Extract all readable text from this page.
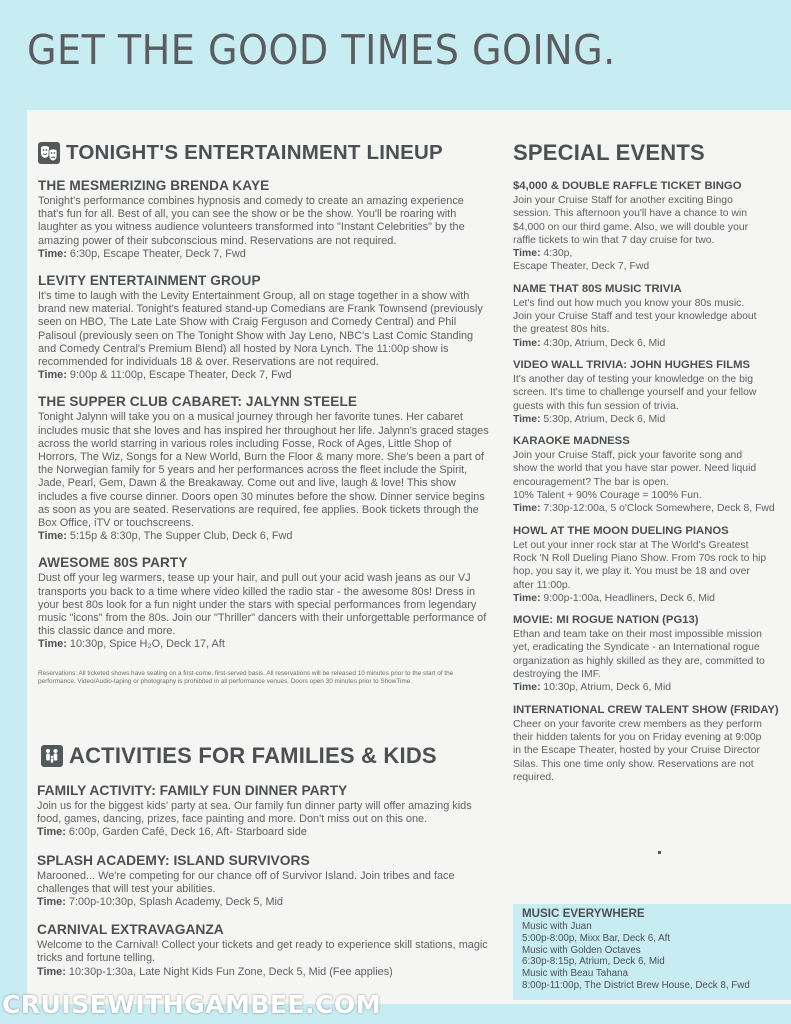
GET THE GOOD TIMES GOING.
TONIGHT'S ENTERTAINMENT LINEUP
THE MESMERIZING BRENDA KAYE
Tonight's performance combines hypnosis and comedy to create an amazing experience that's fun for all. Best of all, you can see the show or be the show. You'll be roaring with laughter as you witness audience volunteers transformed into "Instant Celebrities" by the amazing power of their subconscious mind. Reservations are not required.
Time: 6:30p, Escape Theater, Deck 7, Fwd
LEVITY ENTERTAINMENT GROUP
It's time to laugh with the Levity Entertainment Group, all on stage together in a show with brand new material. Tonight's featured stand-up Comedians are Frank Townsend (previously seen on HBO, The Late Late Show with Craig Ferguson and Comedy Central) and Phil Palisoul (previously seen on The Tonight Show with Jay Leno, NBC's Last Comic Standing and Comedy Central's Premium Blend) all hosted by Nora Lynch. The 11:00p show is recommended for individuals 18 & over. Reservations are not required.
Time: 9:00p & 11:00p, Escape Theater, Deck 7, Fwd
THE SUPPER CLUB CABARET: JALYNN STEELE
Tonight Jalynn will take you on a musical journey through her favorite tunes. Her cabaret includes music that she loves and has inspired her throughout her life. Jalynn's graced stages across the world starring in various roles including Fosse, Rock of Ages, Little Shop of Horrors, The Wiz, Songs for a New World, Burn the Floor & many more. She's been a part of the Norwegian family for 5 years and her performances across the fleet include the Spirit, Jade, Pearl, Gem, Dawn & the Breakaway. Come out and live, laugh & love! This show includes a five course dinner. Doors open 30 minutes before the show. Dinner service begins as soon as you are seated. Reservations are required, fee applies. Book tickets through the Box Office, iTV or touchscreens.
Time: 5:15p & 8:30p, The Supper Club, Deck 6, Fwd
AWESOME 80S PARTY
Dust off your leg warmers, tease up your hair, and pull out your acid wash jeans as our VJ transports you back to a time where video killed the radio star - the awesome 80s! Dress in your best 80s look for a fun night under the stars with special performances from legendary music "icons" from the 80s. Join our "Thriller" dancers with their unforgettable performance of this classic dance and more.
Time: 10:30p, Spice H₂O, Deck 17, Aft
Reservations: All ticketed shows have seating on a first-come, first-served basis. All reservations will be released 10 minutes prior to the start of the performance. Video/Audio-taping or photography is prohibited in all performance venues. Doors open 30 minutes prior to ShowTime.
ACTIVITIES FOR FAMILIES & KIDS
FAMILY ACTIVITY: FAMILY FUN DINNER PARTY
Join us for the biggest kids' party at sea. Our family fun dinner party will offer amazing kids food, games, dancing, prizes, face painting and more. Don't miss out on this one.
Time: 6:00p, Garden Café, Deck 16, Aft- Starboard side
SPLASH ACADEMY: ISLAND SURVIVORS
Marooned... We're competing for our chance off of Survivor Island. Join tribes and face challenges that will test your abilities.
Time: 7:00p-10:30p, Splash Academy, Deck 5, Mid
CARNIVAL EXTRAVAGANZA
Welcome to the Carnival! Collect your tickets and get ready to experience skill stations, magic tricks and fortune telling.
Time: 10:30p-1:30a, Late Night Kids Fun Zone, Deck 5, Mid (Fee applies)
SPECIAL EVENTS
$4,000 & DOUBLE RAFFLE TICKET BINGO
Join your Cruise Staff for another exciting Bingo
session. This afternoon you'll have a chance to win
$4,000 on our third game. Also, we will double your
raffle tickets to win that 7 day cruise for two.
Time: 4:30p,
Escape Theater, Deck 7, Fwd
NAME THAT 80S MUSIC TRIVIA
Let's find out how much you know your 80s music.
Join your Cruise Staff and test your knowledge about
the greatest 80s hits.
Time: 4:30p, Atrium, Deck 6, Mid
VIDEO WALL TRIVIA: JOHN HUGHES FILMS
It's another day of testing your knowledge on the big
screen. It's time to challenge yourself and your fellow
guests with this fun session of trivia.
Time: 5:30p, Atrium, Deck 6, Mid
KARAOKE MADNESS
Join your Cruise Staff, pick your favorite song and
show the world that you have star power. Need liquid
encouragement? The bar is open.
10% Talent + 90% Courage = 100% Fun.
Time: 7:30p-12:00a, 5 o'Clock Somewhere, Deck 8, Fwd
HOWL AT THE MOON DUELING PIANOS
Let out your inner rock star at The World's Greatest
Rock 'N Roll Dueling Piano Show. From 70s rock to hip
hop, you say it, we play it. You must be 18 and over
after 11:00p.
Time: 9:00p-1:00a, Headliners, Deck 6, Mid
MOVIE: MI ROGUE NATION (PG13)
Ethan and team take on their most impossible mission
yet, eradicating the Syndicate - an International rogue
organization as highly skilled as they are, committed to
destroying the IMF.
Time: 10:30p, Atrium, Deck 6, Mid
INTERNATIONAL CREW TALENT SHOW (FRIDAY)
Cheer on your favorite crew members as they perform
their hidden talents for you on Friday evening at 9:00p
in the Escape Theater, hosted by your Cruise Director
Silas. This one time only show. Reservations are not
required.
MUSIC EVERYWHERE
Music with Juan
5:00p-8:00p, Mixx Bar, Deck 6, Aft
Music with Golden Octaves
6:30p-8:15p, Atrium, Deck 6, Mid
Music with Beau Tahana
8:00p-11:00p, The District Brew House, Deck 8, Fwd
CRUISEWITHGAMBEE.COM
